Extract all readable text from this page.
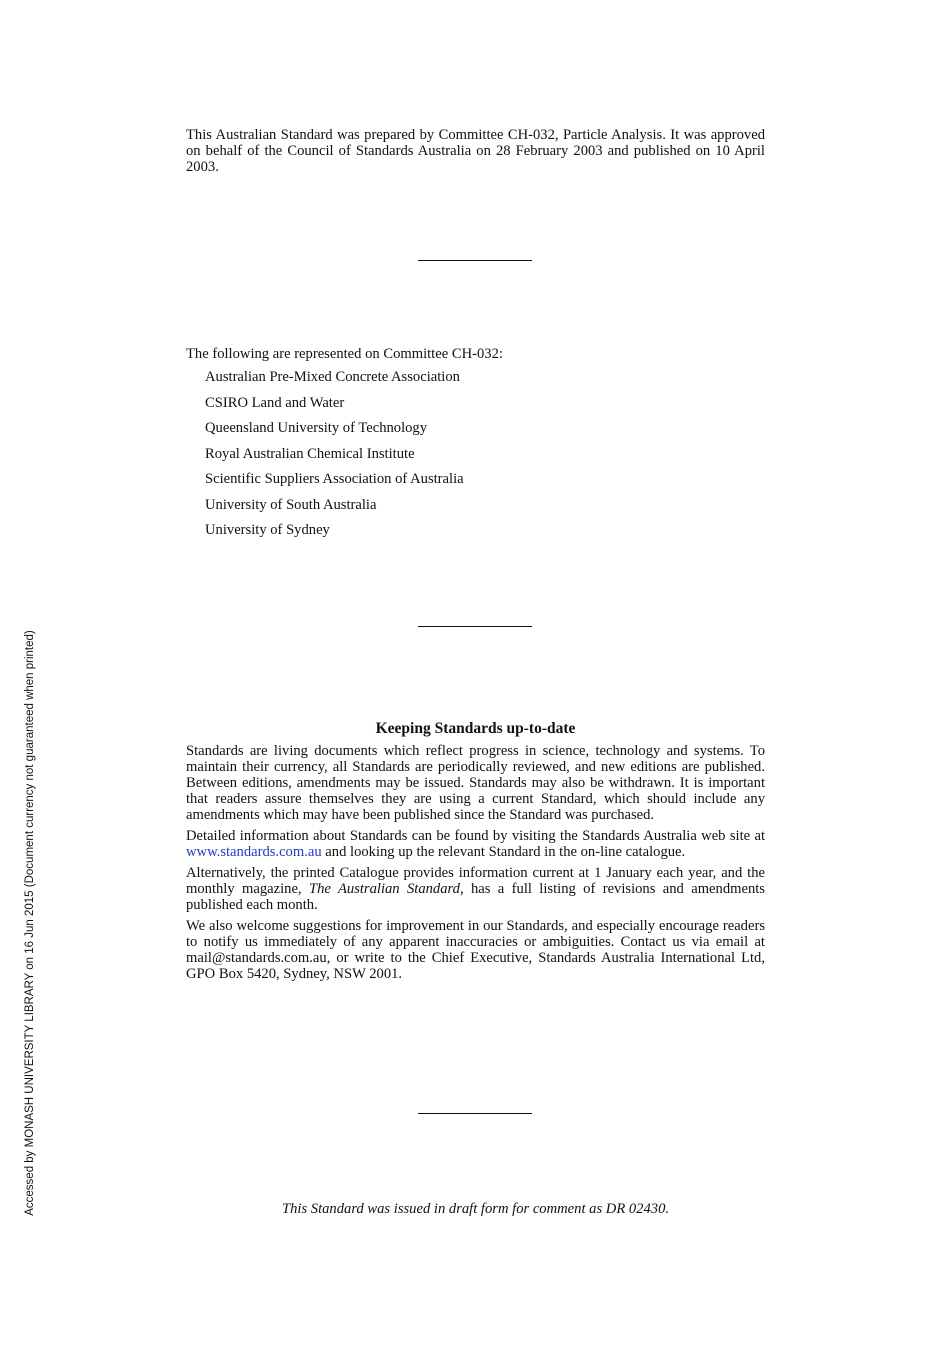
This Australian Standard was prepared by Committee CH-032, Particle Analysis. It was approved on behalf of the Council of Standards Australia on 28 February 2003 and published on 10 April 2003.

The following are represented on Committee CH-032:
Australian Pre-Mixed Concrete Association
CSIRO Land and Water
Queensland University of Technology
Royal Australian Chemical Institute
Scientific Suppliers Association of Australia
University of South Australia
University of Sydney
Keeping Standards up-to-date

Standards are living documents which reflect progress in science, technology and systems. To maintain their currency, all Standards are periodically reviewed, and new editions are published. Between editions, amendments may be issued. Standards may also be withdrawn. It is important that readers assure themselves they are using a current Standard, which should include any amendments which may have been published since the Standard was purchased.

Detailed information about Standards can be found by visiting the Standards Australia web site at www.standards.com.au and looking up the relevant Standard in the on-line catalogue.

Alternatively, the printed Catalogue provides information current at 1 January each year, and the monthly magazine, The Australian Standard, has a full listing of revisions and amendments published each month.

We also welcome suggestions for improvement in our Standards, and especially encourage readers to notify us immediately of any apparent inaccuracies or ambiguities. Contact us via email at mail@standards.com.au, or write to the Chief Executive, Standards Australia International Ltd, GPO Box 5420, Sydney, NSW 2001.

This Standard was issued in draft form for comment as DR 02430.
Accessed by MONASH UNIVERSITY LIBRARY on 16 Jun 2015 (Document currency not guaranteed when printed)
